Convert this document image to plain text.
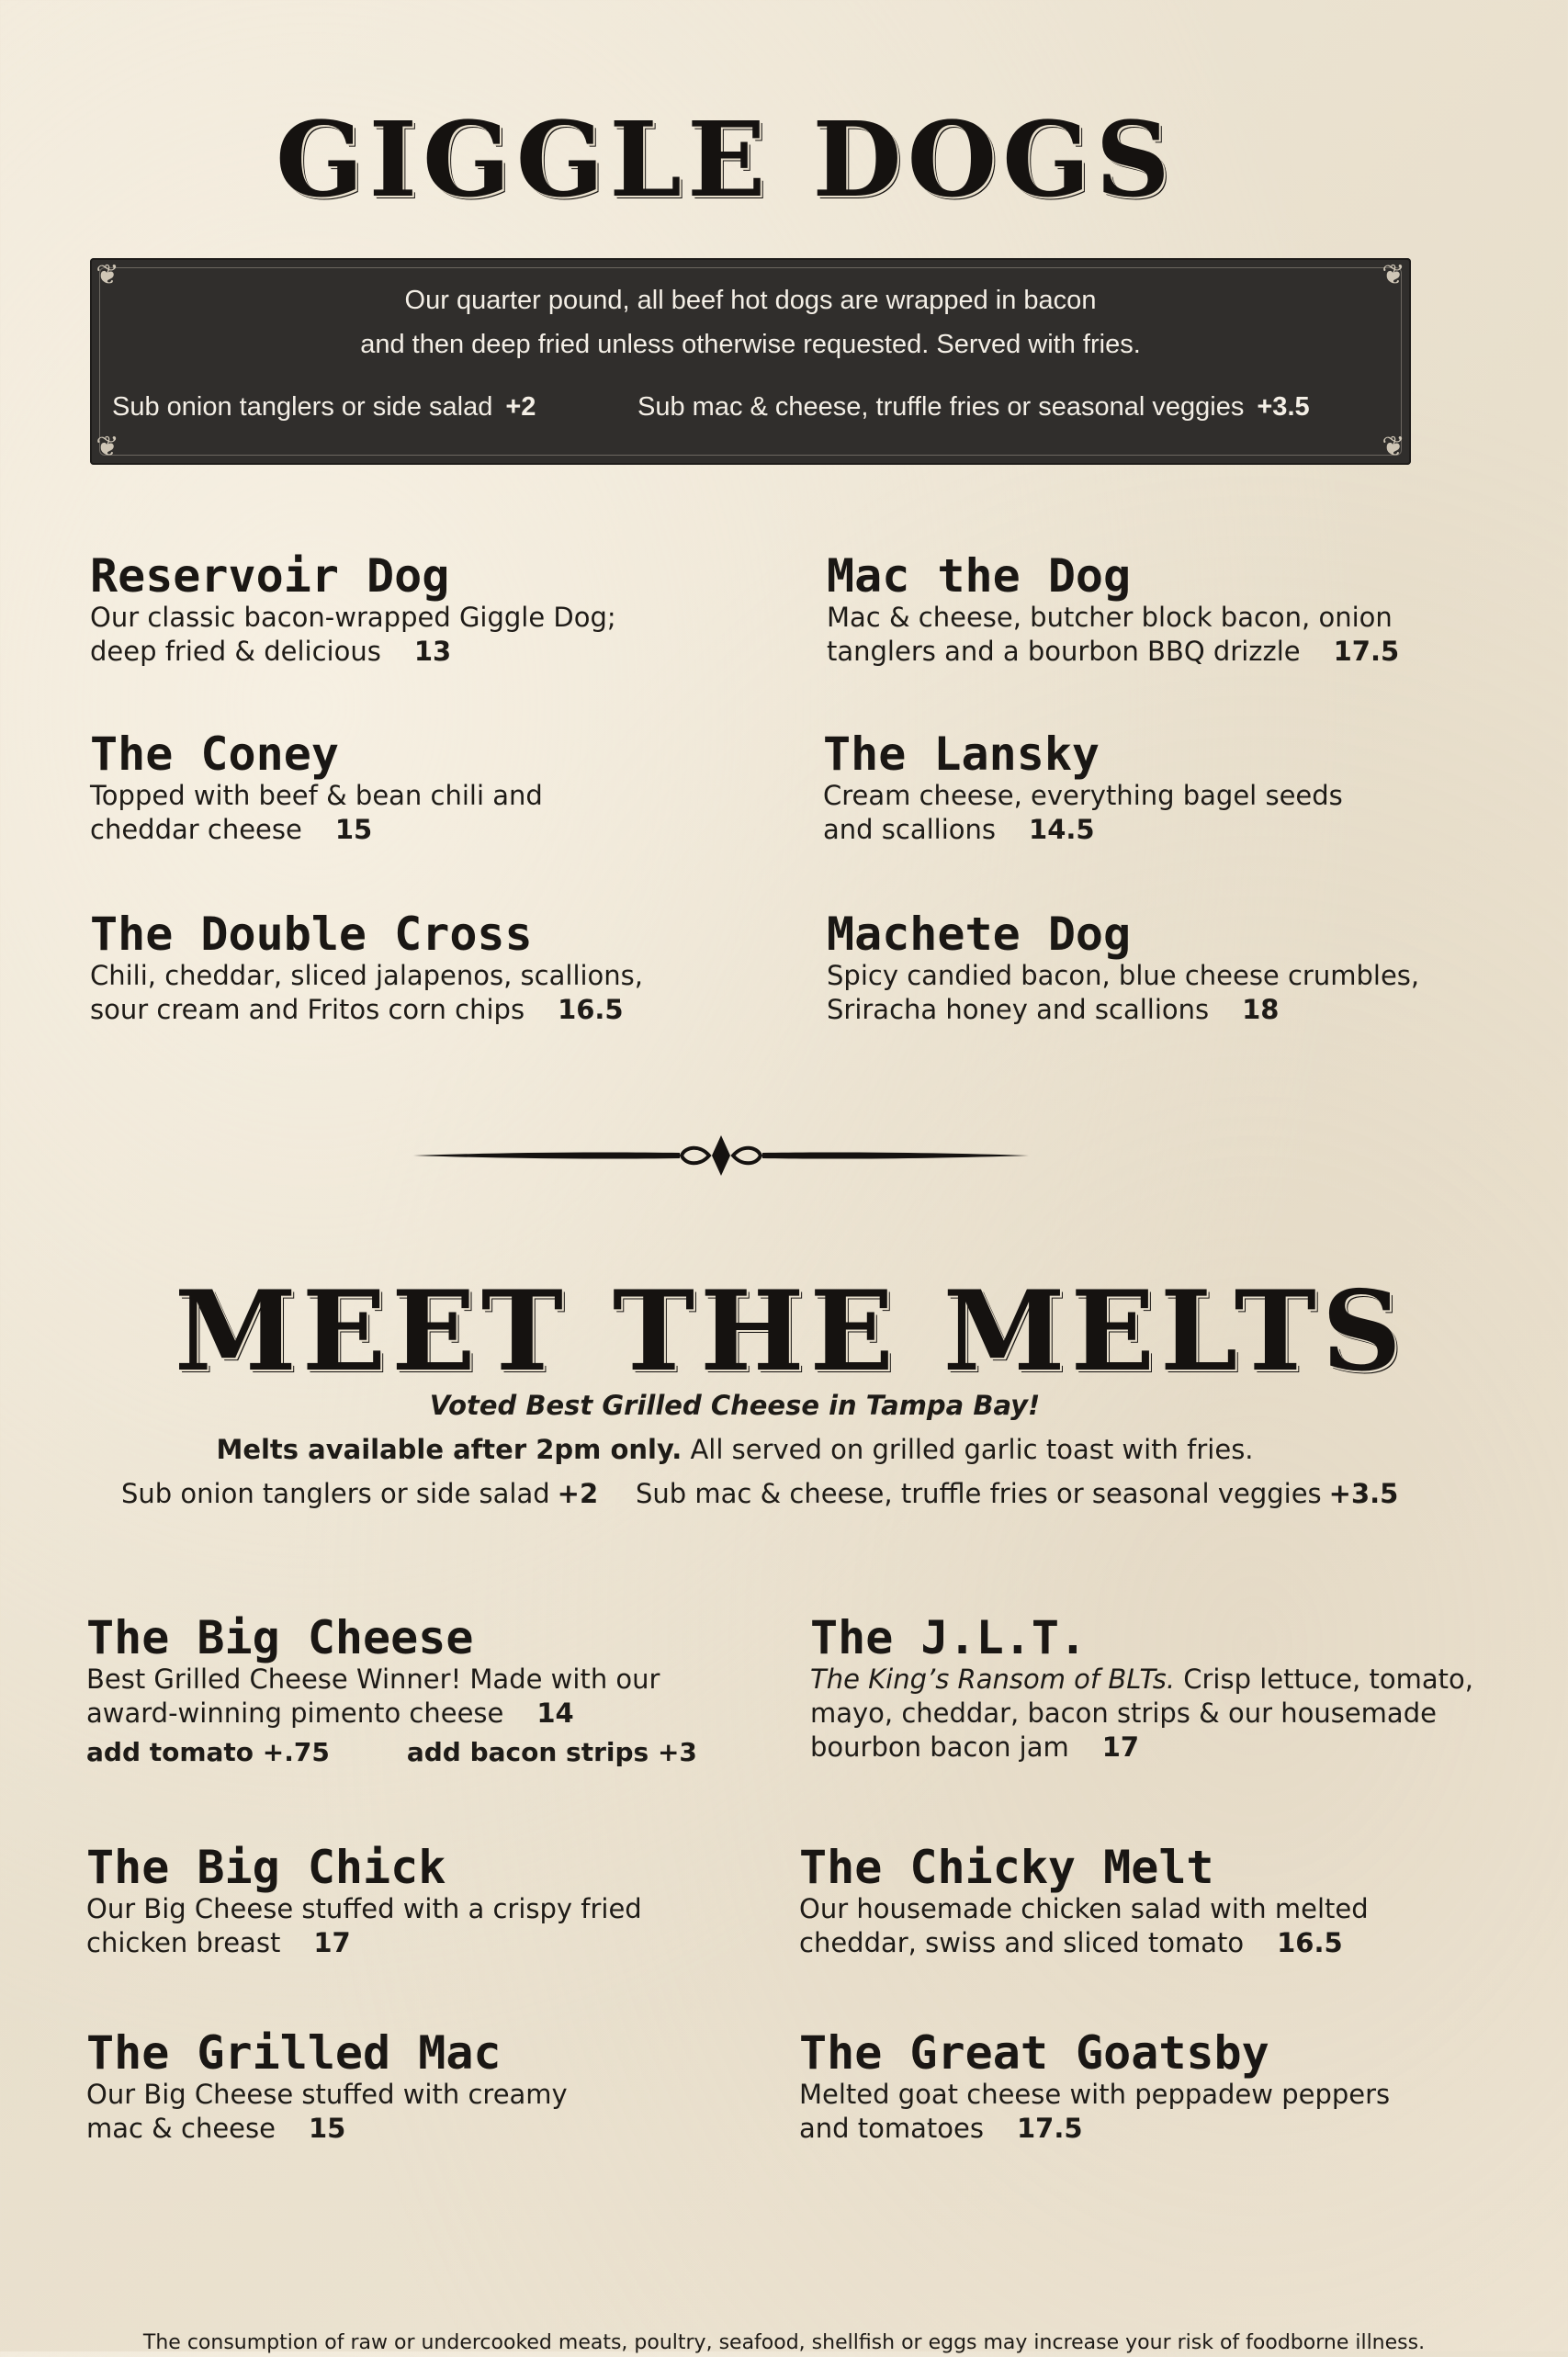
GIGGLE DOGS
❦	❦
❦	❦
Our quarter pound, all beef hot dogs are wrapped in bacon
and then deep fried unless otherwise requested. Served with fries.
Sub onion tanglers or side salad +2	Sub mac & cheese, truffle fries or seasonal veggies +3.5
Reservoir Dog
Our classic bacon-wrapped Giggle Dog;
deep fried & delicious 13
Mac the Dog
Mac & cheese, butcher block bacon, onion
tanglers and a bourbon BBQ drizzle 17.5
The Coney
Topped with beef & bean chili and
cheddar cheese 15
The Lansky
Cream cheese, everything bagel seeds
and scallions 14.5
The Double Cross
Chili, cheddar, sliced jalapenos, scallions,
sour cream and Fritos corn chips 16.5
Machete Dog
Spicy candied bacon, blue cheese crumbles,
Sriracha honey and scallions 18
MEET THE MELTS
Voted Best Grilled Cheese in Tampa Bay!
Melts available after 2pm only. All served on grilled garlic toast with fries.
Sub onion tanglers or side salad +2 Sub mac & cheese, truffle fries or seasonal veggies +3.5
The Big Cheese
Best Grilled Cheese Winner! Made with our
award-winning pimento cheese 14
add tomato +.75	add bacon strips +3
The J.L.T.
The King’s Ransom of BLTs. Crisp lettuce, tomato,
mayo, cheddar, bacon strips & our housemade
bourbon bacon jam 17
The Big Chick
Our Big Cheese stuffed with a crispy fried
chicken breast 17
The Chicky Melt
Our housemade chicken salad with melted
cheddar, swiss and sliced tomato 16.5
The Grilled Mac
Our Big Cheese stuffed with creamy
mac & cheese 15
The Great Goatsby
Melted goat cheese with peppadew peppers
and tomatoes 17.5
The consumption of raw or undercooked meats, poultry, seafood, shellfish or eggs may increase your risk of foodborne illness.
